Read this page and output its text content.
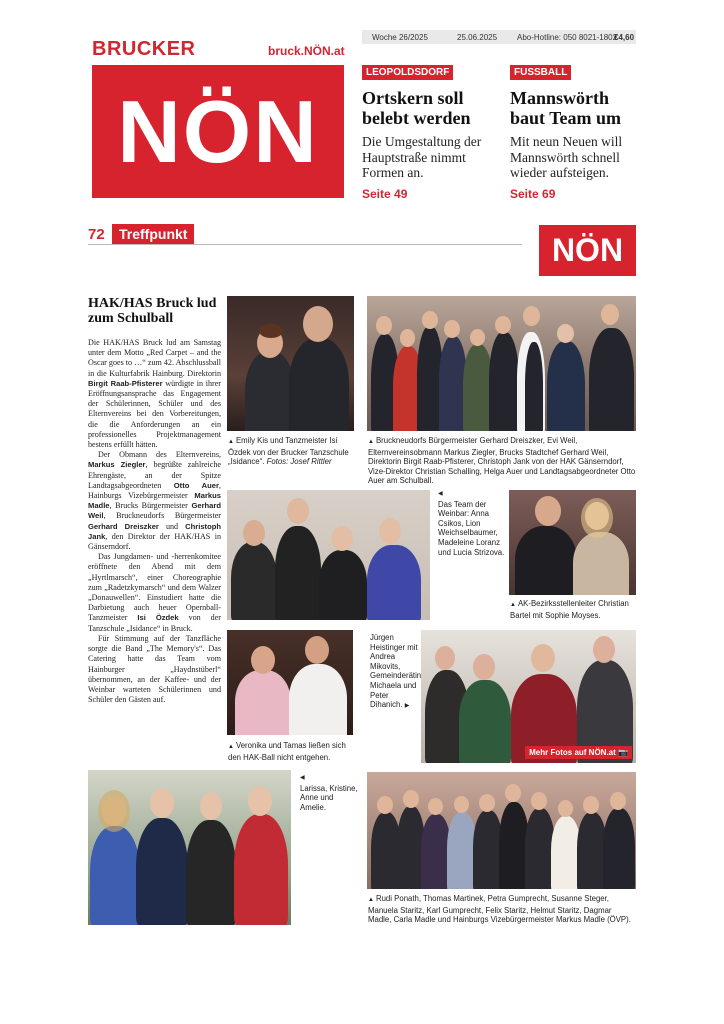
BRUCKER	bruck.NÖN.at
NÖN
Woche 26/2025	25.06.2025 Abo-Hotline: 050 8021-1802
€4,60
LEOPOLDSDORF
Ortskern soll belebt werden
Die Umgestaltung der Hauptstraße nimmt Formen an.
Seite 49
FUSSBALL
Mannswörth baut Team um
Mit neun Neuen will Mannswörth schnell wieder aufsteigen.
Seite 69
72	Treffpunkt	NÖN
HAK/HAS Bruck lud zum Schulball

Die HAK/HAS Bruck lud am Samstag unter dem Motto „Red Carpet – and the Oscar goes to …“ zum 42. Abschlussball in die Kulturfabrik Hainburg. Direktorin Birgit Raab-Pfisterer würdigte in ihrer Eröffnungsansprache das Engagement der Schülerinnen, Schüler und des Elternvereins bei den Vorbereitungen, die die Anforderungen an ein professionelles Projektmanagement bestens erfüllt hätten.

Der Obmann des Elternvereins, Markus Ziegler, begrüßte zahlreiche Ehrengäste, an der Spitze Landtagsabgeordneten Otto Auer, Hainburgs Vizebürgermeister Markus Madle, Brucks Bürgermeister Gerhard Weil, Bruckneudorfs Bürgermeister Gerhard Dreiszker und Christoph Jank, den Direktor der HAK/HAS in Gänserndorf.

Das Jungdamen- und -herrenkomitee eröffnete den Abend mit dem „Hyrtlmarsch“, einer Choreographie zum „Radetzkymarsch“ und dem Walzer „Donauwellen“. Einstudiert hatte die Darbietung auch heuer Opernball-Tanzmeister Isi Özdek von der Tanzschule „Isidance“ in Bruck.

Für Stimmung auf der Tanzfläche sorgte die Band „The Memory's“. Das Catering hatte das Team vom Hainburger „Haydnstüberl“ übernommen, an der Kaffee- und der Weinbar warteten Schülerinnen und Schüler den Gästen auf.

▲ Emily Kis und Tanzmeister Isi Özdek von der Brucker Tanzschule „Isidance“. Fotos: Josef Rittler
▲ Bruckneudorfs Bürgermeister Gerhard Dreiszker, Evi Weil, Elternvereinsobmann Markus Ziegler, Brucks Stadtchef Gerhard Weil, Direktorin Birgit Raab-Pfisterer, Christoph Jank von der HAK Gänserndorf, Vize-Direktor Christian Schalling, Helga Auer und Landtagsabgeordneter Otto Auer am Schulball.
◀
Das Team der Weinbar: Anna Csikos, Lion Weichselbaumer, Madeleine Loranz und Lucia Strizova.
▲ AK-Bezirksstellenleiter Christian Bartel mit Sophie Moyses.
▲ Veronika und Tamas ließen sich den HAK-Ball nicht entgehen.
Jürgen Heistinger mit Andrea Mikovits, Gemeinderätin Michaela und Peter Dihanich. ▶
Mehr Fotos auf NÖN.at 📷
◀
Larissa, Kristine, Anne und Amelie.
▲ Rudi Ponath, Thomas Martinek, Petra Gumprecht, Susanne Steger, Manuela Staritz, Karl Gumprecht, Felix Staritz, Helmut Staritz, Dagmar Madle, Carla Madle und Hainburgs Vizebürgermeister Markus Madle (ÖVP).
